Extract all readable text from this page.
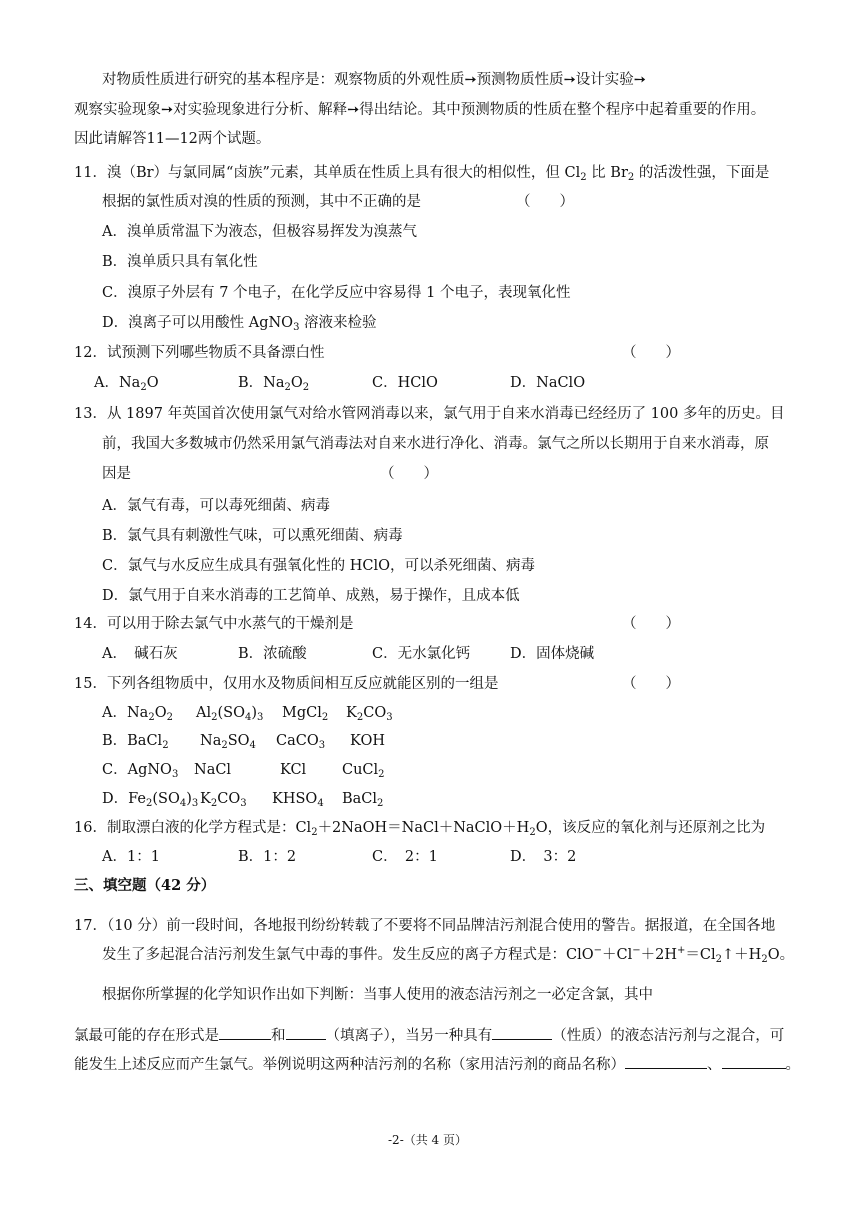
对物质性质进行研究的基本程序是：观察物质的外观性质➙预测物质性质➙设计实验➙
观察实验现象➙对实验现象进行分析、解释➙得出结论。其中预测物质的性质在整个程序中起着重要的作用。
因此请解答11—12两个试题。
11．溴（Br）与氯同属“卤族”元素，其单质在性质上具有很大的相似性，但 $Cl_2$ 比 $Br_2$ 的活泼性强，下面是
根据的氯性质对溴的性质的预测，其中不正确的是	（　　）
A．溴单质常温下为液态，但极容易挥发为溴蒸气
B．溴单质只具有氧化性
C．溴原子外层有 7 个电子，在化学反应中容易得 1 个电子，表现氧化性
D．溴离子可以用酸性 AgNO$_3$ 溶液来检验
12．试预测下列哪些物质不具备漂白性	（　　）
A．$Na_2O$	B．$Na_2O_2$	C．HClO	D．NaClO
13．从 1897 年英国首次使用氯气对给水管网消毒以来，氯气用于自来水消毒已经经历了 100 多年的历史。目
前，我国大多数城市仍然采用氯气消毒法对自来水进行净化、消毒。氯气之所以长期用于自来水消毒，原
因是	（　　）
A．氯气有毒，可以毒死细菌、病毒
B．氯气具有刺激性气味，可以熏死细菌、病毒
C．氯气与水反应生成具有强氧化性的 HClO，可以杀死细菌、病毒
D．氯气用于自来水消毒的工艺简单、成熟，易于操作，且成本低
14．可以用于除去氯气中水蒸气的干燥剂是	（　　）
A．　碱石灰	B．浓硫酸	C．无水氯化钙	D．固体烧碱
15．下列各组物质中，仅用水及物质间相互反应就能区别的一组是	（　　）
A．$Na_2O_2$ $Al_2(SO_4)_3$ MgCl$_2$ $K_2CO_3$
B．BaCl$_2$ $Na_2SO_4$ CaCO$_3$ KOH
C．AgNO$_3$ NaCl	KCl CuCl$_2$
D．$Fe_2(SO_4)_3$ $K_2CO_3$ $KHSO_4$ BaCl$_2$
16．制取漂白液的化学方程式是：$Cl_2+2NaOH=NaCl+NaClO+H_2O$，该反应的氧化剂与还原剂之比为
A．1：1	B．1：2	C．　2：1	D．　3：2
三、填空题（42 分）
17．（10 分）前一段时间，各地报刊纷纷转载了不要将不同品牌洁污剂混合使用的警告。据报道，在全国各地
发生了多起混合洁污剂发生氯气中毒的事件。发生反应的离子方程式是：$ClO^-+Cl^-+2H^+=Cl_2↑+H_2O$。
根据你所掌握的化学知识作出如下判断：当事人使用的液态洁污剂之一必定含氯，其中
氯最可能的存在形式是	和	（填离子），当另一种具有	（性质）的液态洁污剂与之混合，可
能发生上述反应而产生氯气。举例说明这两种洁污剂的名称（家用洁污剂的商品名称）	、	。
-2-（共 4 页）
